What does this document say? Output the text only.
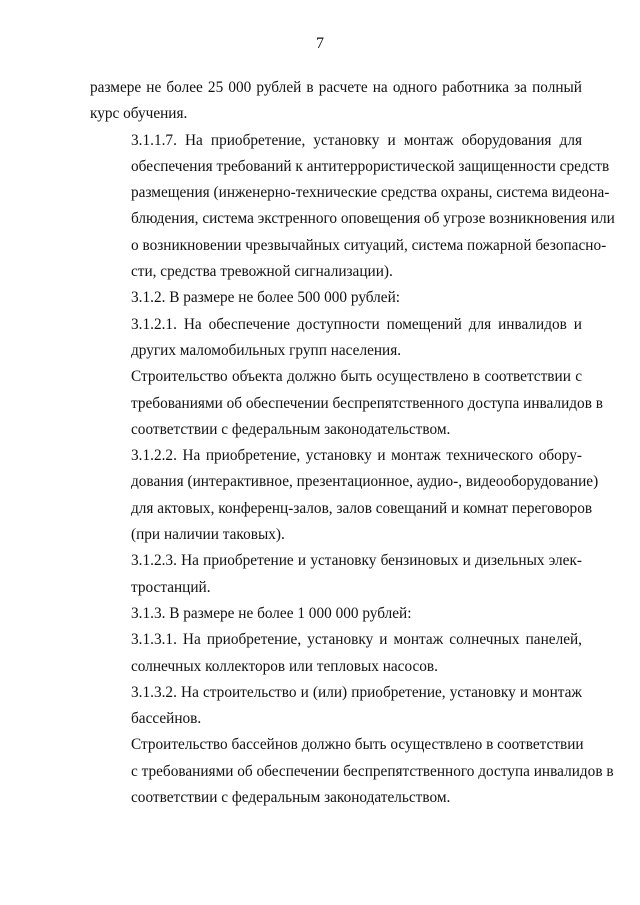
7

размере не более 25 000 рублей в расчете на одного работника за полный
курс обучения.

3.1.1.7. На приобретение, установку и монтаж оборудования для
обеспечения требований к антитеррористической защищенности средств
размещения (инженерно-технические средства охраны, система видеона-
блюдения, система экстренного оповещения об угрозе возникновения или
о возникновении чрезвычайных ситуаций, система пожарной безопасно-
сти, средства тревожной сигнализации).

3.1.2. В размере не более 500 000 рублей:

3.1.2.1. На обеспечение доступности помещений для инвалидов и
других маломобильных групп населения.

Строительство объекта должно быть осуществлено в соответствии с
требованиями об обеспечении беспрепятственного доступа инвалидов в
соответствии с федеральным законодательством.

3.1.2.2. На приобретение, установку и монтаж технического обору-
дования (интерактивное, презентационное, аудио-, видеооборудование)
для актовых, конференц-залов, залов совещаний и комнат переговоров
(при наличии таковых).

3.1.2.3. На приобретение и установку бензиновых и дизельных элек-
тростанций.

3.1.3. В размере не более 1 000 000 рублей:

3.1.3.1. На приобретение, установку и монтаж солнечных панелей,
солнечных коллекторов или тепловых насосов.

3.1.3.2. На строительство и (или) приобретение, установку и монтаж
бассейнов.

Строительство бассейнов должно быть осуществлено в соответствии
с требованиями об обеспечении беспрепятственного доступа инвалидов в
соответствии с федеральным законодательством.
